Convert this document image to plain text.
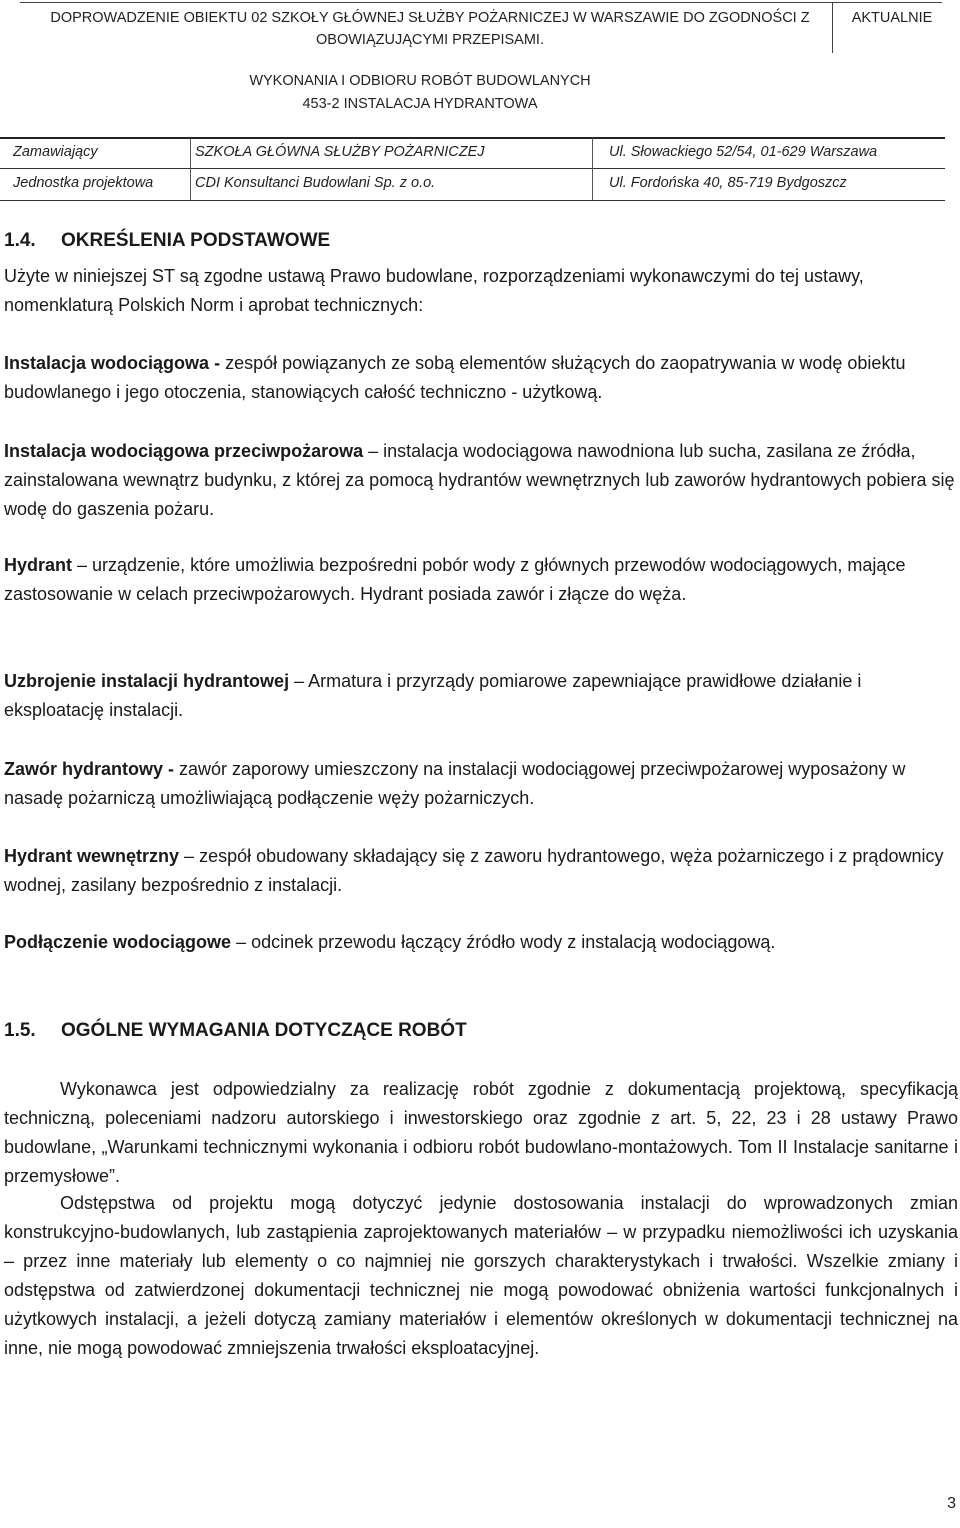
DOPROWADZENIE OBIEKTU 02 SZKOŁY GŁÓWNEJ SŁUŻBY POŻARNICZEJ W WARSZAWIE DO ZGODNOŚCI Z OBOWIĄZUJĄCYMI PRZEPISAMI.
AKTUALNIE
WYKONANIA I ODBIORU ROBÓT BUDOWLANYCH
453-2 INSTALACJA HYDRANTOWA
Zamawiający	SZKOŁA GŁÓWNA SŁUŻBY POŻARNICZEJ	Ul. Słowackiego 52/54, 01-629 Warszawa
Jednostka projektowa	CDI Konsultanci Budowlani Sp. z o.o.	Ul. Fordońska 40, 85-719 Bydgoszcz
1.4. OKREŚLENIA PODSTAWOWE
Użyte w niniejszej ST są zgodne ustawą Prawo budowlane, rozporządzeniami wykonawczymi do tej ustawy, nomenklaturą Polskich Norm i aprobat technicznych:
Instalacja wodociągowa - zespół powiązanych ze sobą elementów służących do zaopatrywania w wodę obiektu budowlanego i jego otoczenia, stanowiących całość techniczno - użytkową.
Instalacja wodociągowa przeciwpożarowa – instalacja wodociągowa nawodniona lub sucha, zasilana ze źródła, zainstalowana wewnątrz budynku, z której za pomocą hydrantów wewnętrznych lub zaworów hydrantowych pobiera się wodę do gaszenia pożaru.
Hydrant – urządzenie, które umożliwia bezpośredni pobór wody z głównych przewodów wodociągowych, mające zastosowanie w celach przeciwpożarowych. Hydrant posiada zawór i złącze do węża.
Uzbrojenie instalacji hydrantowej – Armatura i przyrządy pomiarowe zapewniające prawidłowe działanie i eksploatację instalacji.
Zawór hydrantowy - zawór zaporowy umieszczony na instalacji wodociągowej przeciwpożarowej wyposażony w nasadę pożarniczą umożliwiającą podłączenie węży pożarniczych.
Hydrant wewnętrzny – zespół obudowany składający się z zaworu hydrantowego, węża pożarniczego i z prądownicy wodnej, zasilany bezpośrednio z instalacji.
Podłączenie wodociągowe – odcinek przewodu łączący źródło wody z instalacją wodociągową.
1.5. OGÓLNE WYMAGANIA DOTYCZĄCE ROBÓT
Wykonawca jest odpowiedzialny za realizację robót zgodnie z dokumentacją projektową, specyfikacją techniczną, poleceniami nadzoru autorskiego i inwestorskiego oraz zgodnie z art. 5, 22, 23 i 28 ustawy Prawo budowlane, „Warunkami technicznymi wykonania i odbioru robót budowlano-montażowych. Tom II Instalacje sanitarne i przemysłowe”.
Odstępstwa od projektu mogą dotyczyć jedynie dostosowania instalacji do wprowadzonych zmian konstrukcyjno-budowlanych, lub zastąpienia zaprojektowanych materiałów – w przypadku niemożliwości ich uzyskania – przez inne materiały lub elementy o co najmniej nie gorszych charakterystykach i trwałości. Wszelkie zmiany i odstępstwa od zatwierdzonej dokumentacji technicznej nie mogą powodować obniżenia wartości funkcjonalnych i użytkowych instalacji, a jeżeli dotyczą zamiany materiałów i elementów określonych w dokumentacji technicznej na inne, nie mogą powodować zmniejszenia trwałości eksploatacyjnej.
3
